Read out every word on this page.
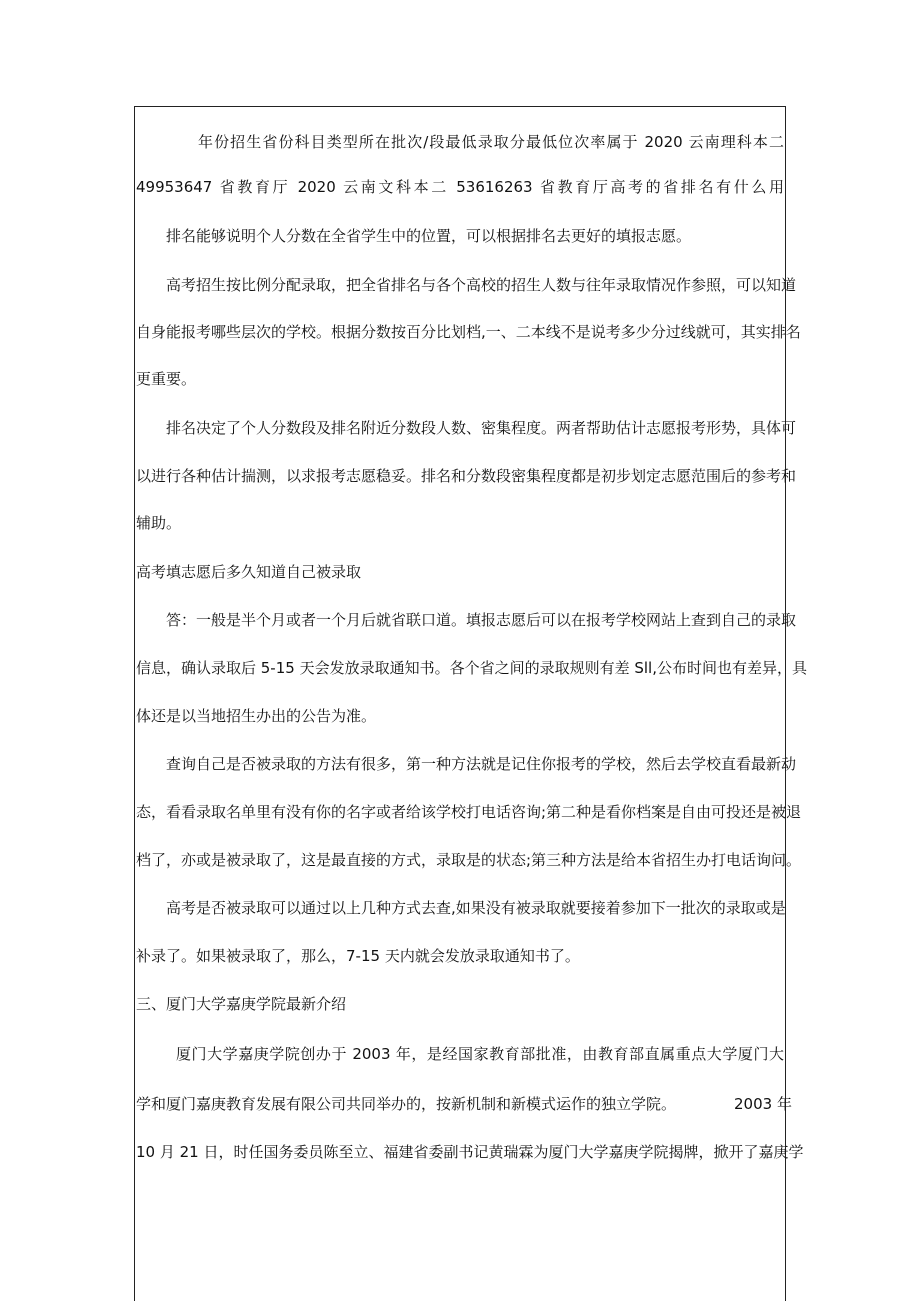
年份招生省份科目类型所在批次/段最低录取分最低位次率属于 2020 云南理科本二
49953647 省教育厅 2020 云南文科本二 53616263 省教育厅高考的省排名有什么用
排名能够说明个人分数在全省学生中的位置，可以根据排名去更好的填报志愿。
高考招生按比例分配录取，把全省排名与各个高校的招生人数与往年录取情况作参照，可以知道
自身能报考哪些层次的学校。根据分数按百分比划档,一、二本线不是说考多少分过线就可，其实排名
更重要。
排名决定了个人分数段及排名附近分数段人数、密集程度。两者帮助估计志愿报考形势，具体可
以进行各种估计揣测，以求报考志愿稳妥。排名和分数段密集程度都是初步划定志愿范围后的参考和
辅助。
高考填志愿后多久知道自己被录取
答：一般是半个月或者一个月后就省联口道。填报志愿后可以在报考学校网站上查到自己的录取
信息，确认录取后 5-15 天会发放录取通知书。各个省之间的录取规则有差 Sll,公布时间也有差异，具
体还是以当地招生办出的公告为准。
查询自己是否被录取的方法有很多，第一种方法就是记住你报考的学校，然后去学校直看最新动
态，看看录取名单里有没有你的名字或者给该学校打电话咨询;第二种是看你档案是自由可投还是被退
档了，亦或是被录取了，这是最直接的方式，录取是的状态;第三种方法是给本省招生办打电话询问。
高考是否被录取可以通过以上几种方式去查,如果没有被录取就要接着参加下一批次的录取或是
补录了。如果被录取了，那么，7-15 天内就会发放录取通知书了。
三、厦门大学嘉庚学院最新介绍
厦门大学嘉庚学院创办于 2003 年，是经国家教育部批准，由教育部直属重点大学厦门大
学和厦门嘉庚教育发展有限公司共同举办的，按新机制和新模式运作的独立学院。	2003 年
10 月 21 日，时任国务委员陈至立、福建省委副书记黄瑞霖为厦门大学嘉庚学院揭牌，掀开了嘉庚学
